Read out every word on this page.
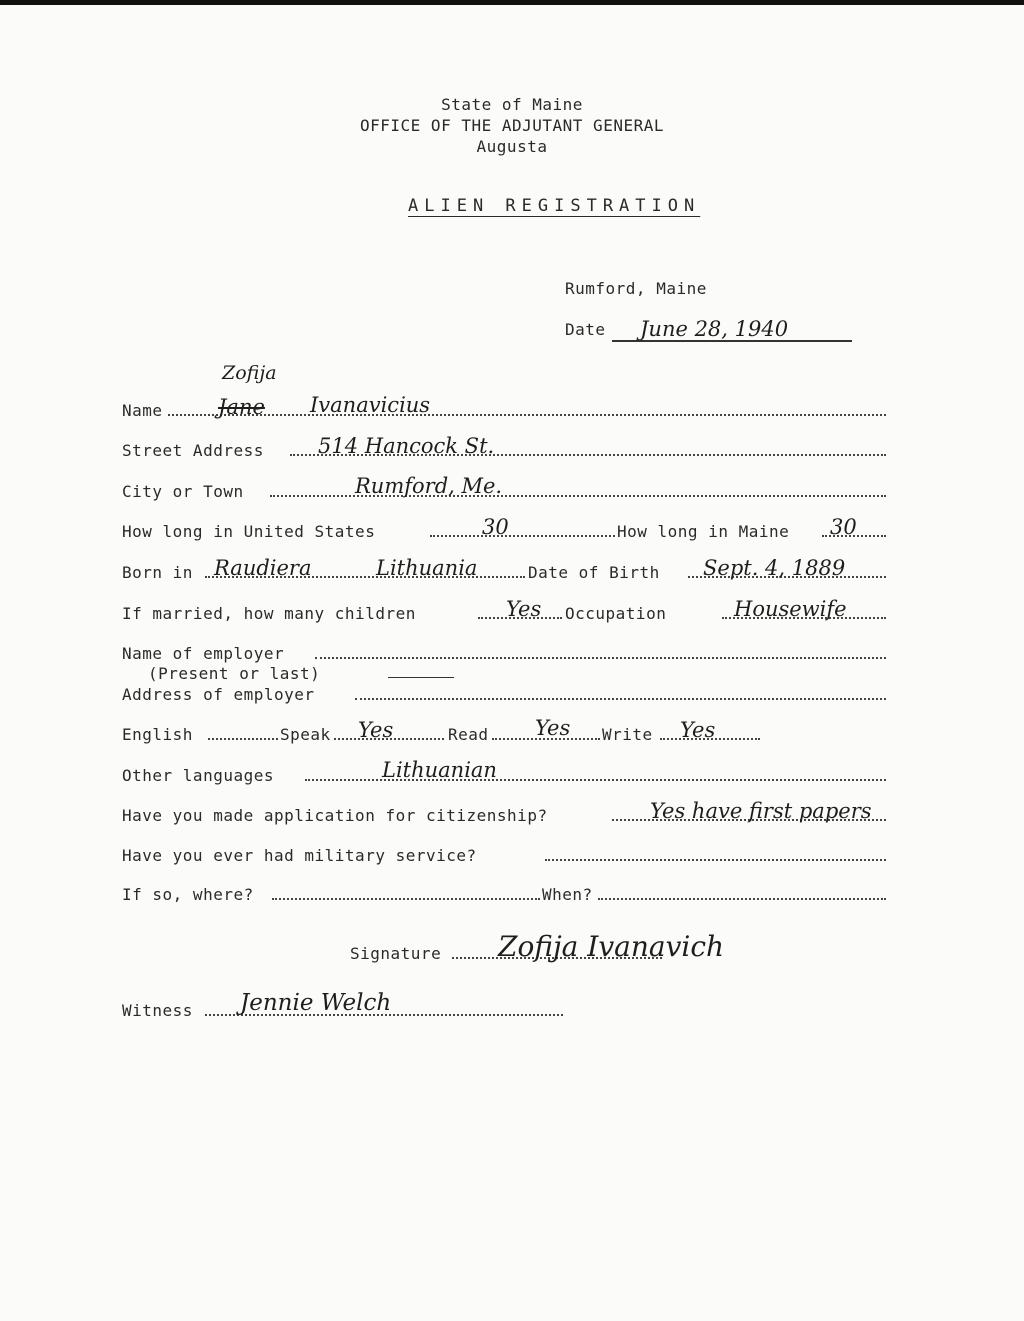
State of Maine
OFFICE OF THE ADJUTANT GENERAL
Augusta
ALIEN REGISTRATION
Rumford, Maine
Date June 28, 1940
Name
Zofija
Jane Ivanavicius
Street Address	514 Hancock St.
City or Town	Rumford, Me.
How long in United States	30	How long in Maine 30
Born in Raudiera	Lithuania	Date of Birth Sept. 4, 1889
If married, how many children	Yes Occupation	Housewife
Name of employer
(Present or last)
Address of employer
English	Speak Yes	Read Yes Write Yes
Other languages	Lithuanian
Have you made application for citizenship?	Yes have first papers
Have you ever had military service?
If so, where?	When?
Signature Zofija Ivanavich
Witness Jennie Welch
